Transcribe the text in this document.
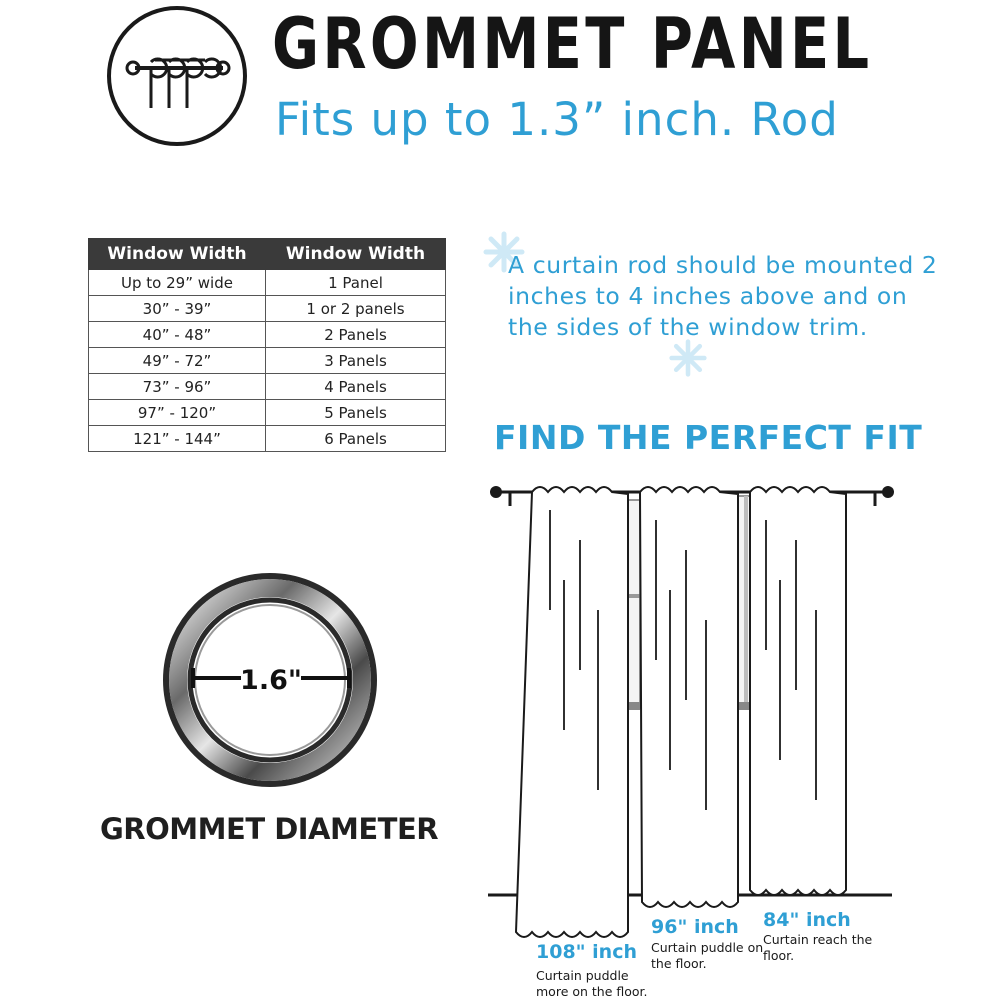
GROMMET PANEL
Fits up to 1.3” inch. Rod
Window Width	Window Width
Up to 29” wide	1 Panel
30” - 39”	1 or 2 panels
40” - 48”	2 Panels
49” - 72”	3 Panels
73” - 96”	4 Panels
97” - 120”	5 Panels
121” - 144”	6 Panels
A curtain rod should be mounted 2 inches to 4 inches above and on the sides of the window trim.
FIND THE PERFECT FIT
1.6"
GROMMET DIAMETER
108" inch
Curtain puddle more on the floor.
96" inch
Curtain puddle on the floor.
84" inch
Curtain reach the floor.
